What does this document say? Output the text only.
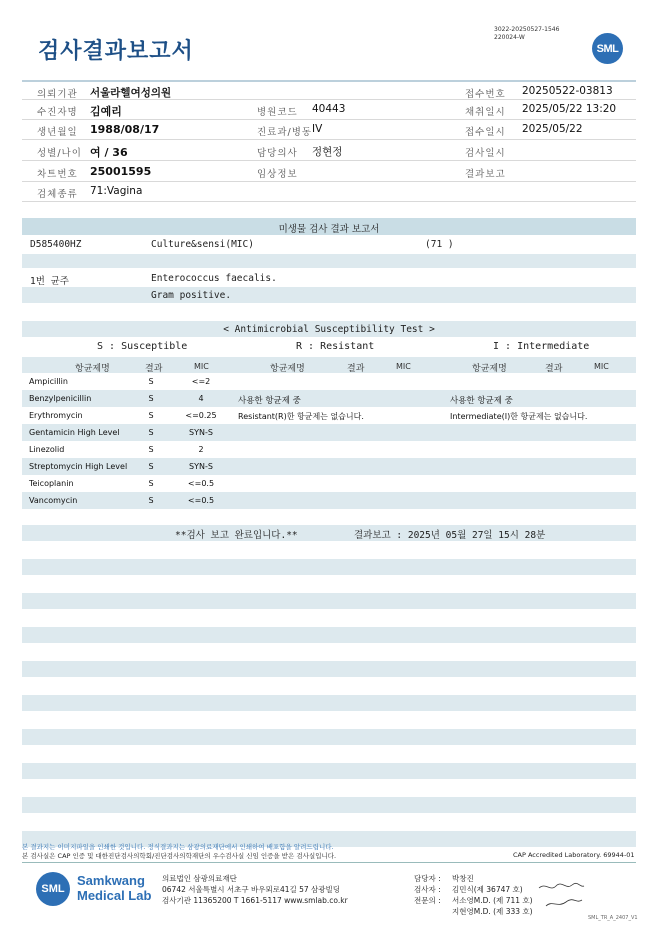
검사결과보고서
3022-20250527-1546
220024-W
SML
의뢰기관 서울라헬여성의원	접수번호 20250522-03813
수진자명 김예리	병원코드 40443	채취일시 2025/05/22 13:20
생년월일 1988/08/17	진료과/병동 IV	접수일시 2025/05/22
성별/나이 여 / 36	담당의사 정현정	검사일시
차트번호 25001595	임상정보	결과보고
검체종류 71:Vagina
미생물 검사 결과 보고서
D585400HZ	Culture&sensi(MIC)	(71 )
1번 균주	Enterococcus faecalis.
Gram positive.
< Antimicrobial Susceptibility Test >
S : Susceptible	R : Resistant	I : Intermediate
항균제명	결과	MIC	항균제명	결과	MIC	항균제명	결과	MIC
Ampicillin	S	<=2
Benzylpenicillin	S	4
Erythromycin	S	<=0.25
Gentamicin High Level	S	SYN-S
Linezolid	S	2
Streptomycin High Level	S	SYN-S
Teicoplanin	S	<=0.5
Vancomycin	S	<=0.5
사용한 항균제 중
Resistant(R)한 항균제는 없습니다.
사용한 항균제 중
Intermediate(I)한 항균제는 없습니다.
**검사 보고 완료입니다.**	결과보고 : 2025년 05월 27일 15시 28분
본 결과지는 이미지파일을 인쇄한 것입니다. 정식결과지는 삼광의료재단에서 인쇄하여 배포함을 알려드립니다.
본 검사실은 CAP 인증 및 대한진단검사의학회/진단검사의학재단의 우수검사실 신임 인증을 받은 검사실입니다.	CAP Accredited Laboratory. 69944-01
SML
Samkwang
Medical Lab
의료법인 삼광의료재단
06742 서울특별시 서초구 바우뫼로41길 57 삼광빌딩
검사기관 11365200 T 1661-5117 www.smlab.co.kr
담당자 : 박창진
검사자 : 김민식(제 36747 호)
전문의 : 서소영M.D. (제 711 호)
지현영M.D. (제 333 호)
SML_TR_A_2407_V1
